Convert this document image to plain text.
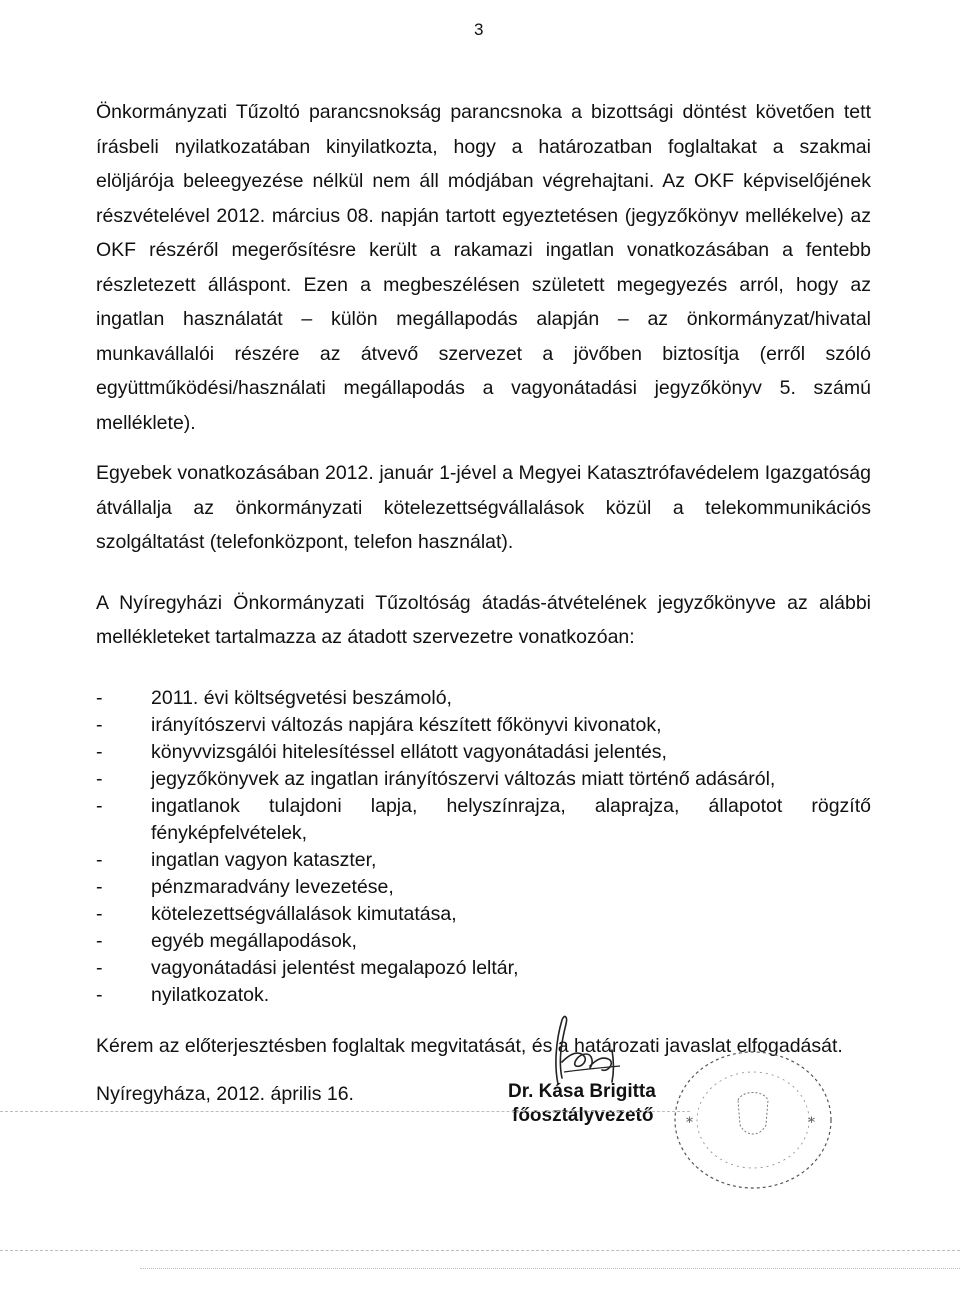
3

Önkormányzati Tűzoltó parancsnokság parancsnoka a bizottsági döntést követően tett írásbeli nyilatkozatában kinyilatkozta, hogy a határozatban foglaltakat a szakmai elöljárója beleegyezése nélkül nem áll módjában végrehajtani. Az OKF képviselőjének részvételével 2012. március 08. napján tartott egyeztetésen (jegyzőkönyv mellékelve) az OKF részéről megerősítésre került a rakamazi ingatlan vonatkozásában a fentebb részletezett álláspont. Ezen a megbeszélésen született megegyezés arról, hogy az ingatlan használatát – külön megállapodás alapján – az önkormányzat/hivatal munkavállalói részére az átvevő szervezet a jövőben biztosítja (erről szóló együttműködési/használati megállapodás a vagyonátadási jegyzőkönyv 5. számú melléklete).

Egyebek vonatkozásában 2012. január 1-jével a Megyei Katasztrófavédelem Igazgatóság átvállalja az önkormányzati kötelezettségvállalások közül a telekommunikációs szolgáltatást (telefonközpont, telefon használat).

A Nyíregyházi Önkormányzati Tűzoltóság átadás-átvételének jegyzőkönyve az alábbi mellékleteket tartalmazza az átadott szervezetre vonatkozóan:

- 2011. évi költségvetési beszámoló,
- irányítószervi változás napjára készített főkönyvi kivonatok,
- könyvvizsgálói hitelesítéssel ellátott vagyonátadási jelentés,
- jegyzőkönyvek az ingatlan irányítószervi változás miatt történő adásáról,
- ingatlanok tulajdoni lapja, helyszínrajza, alaprajza, állapotot rögzítő fényképfelvételek,
- ingatlan vagyon kataszter,
- pénzmaradvány levezetése,
- kötelezettségvállalások kimutatása,
- egyéb megállapodások,
- vagyonátadási jelentést megalapozó leltár,
- nyilatkozatok.

Kérem az előterjesztésben foglaltak megvitatását, és a határozati javaslat elfogadását.

Nyíregyháza, 2012. április 16.	Dr. Kása Brigitta
főosztályvezető *	*
